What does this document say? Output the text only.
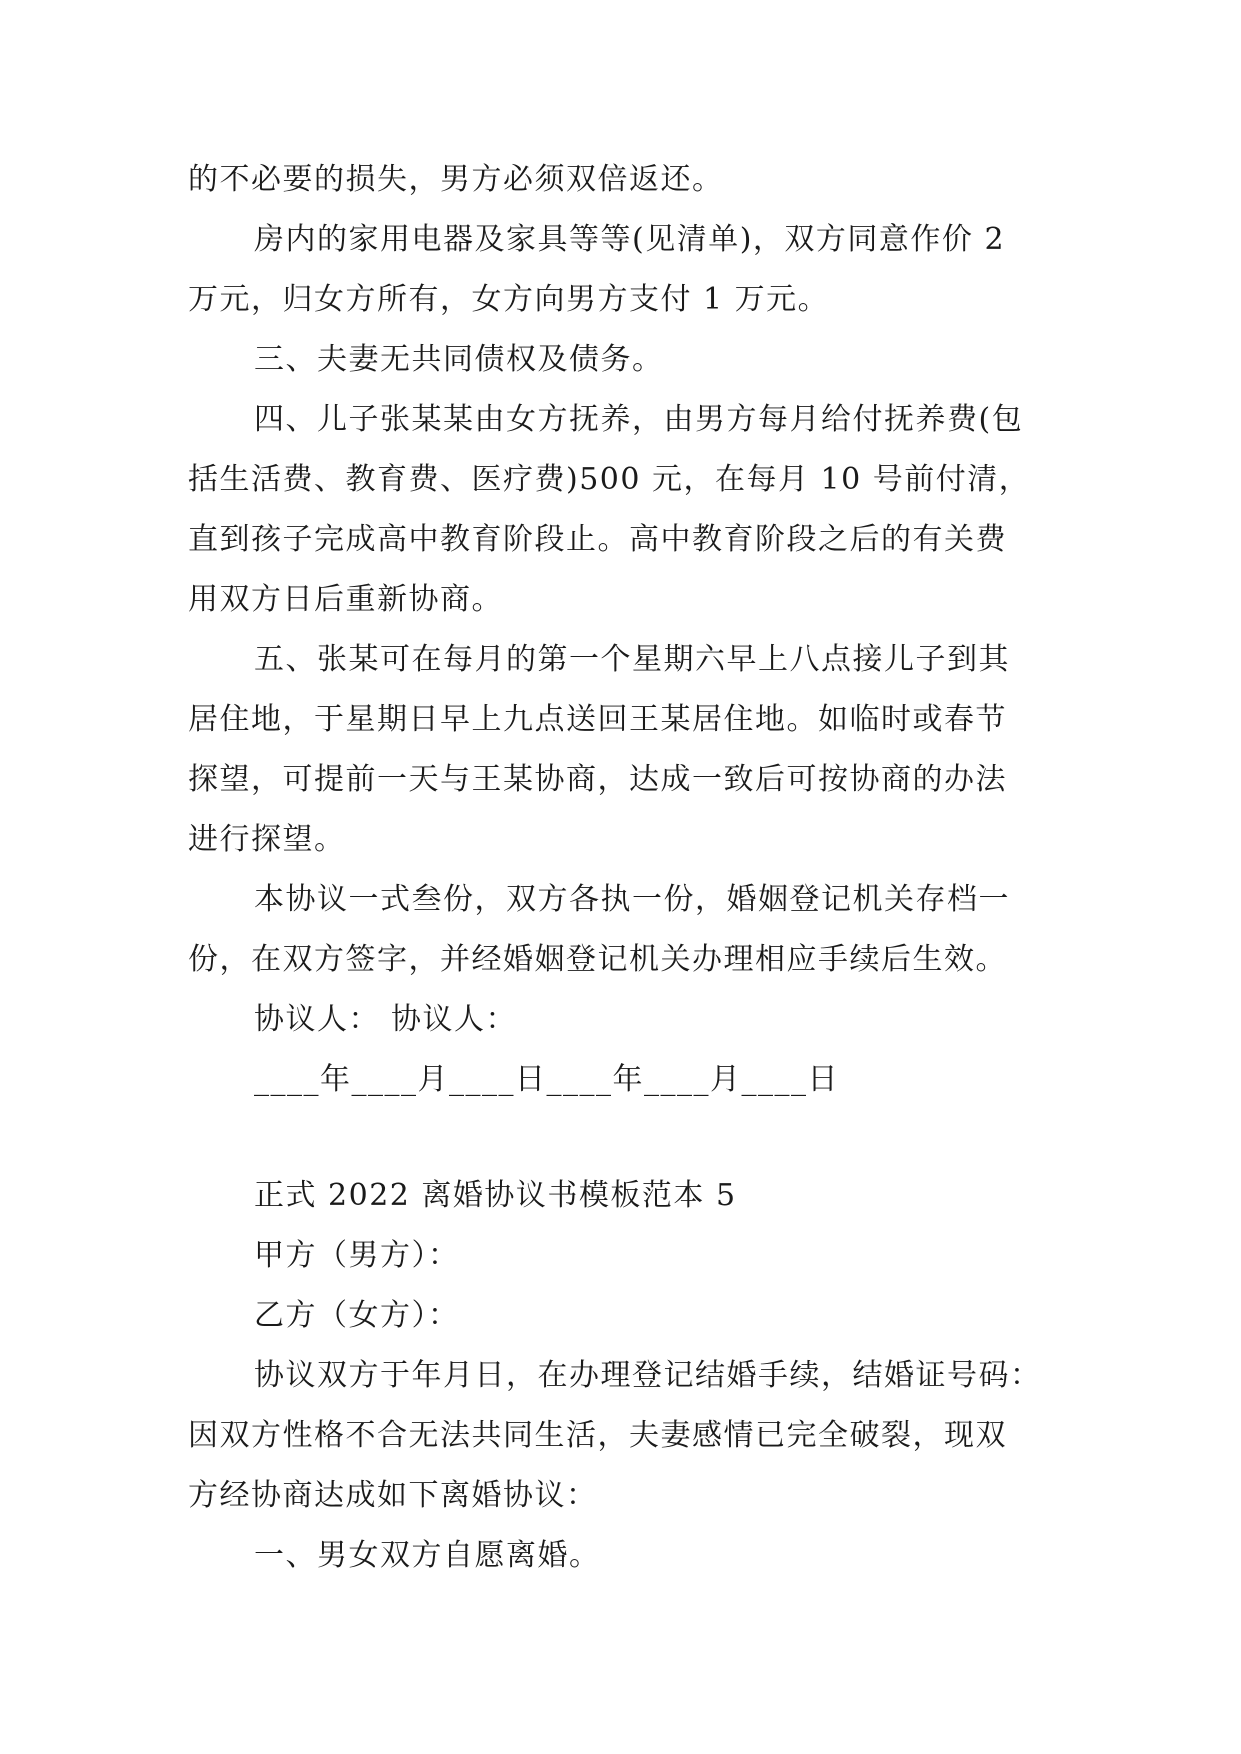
的不必要的损失，男方必须双倍返还。
房内的家用电器及家具等等(见清单)，双方同意作价 2
万元，归女方所有，女方向男方支付 1 万元。
三、夫妻无共同债权及债务。
四、儿子张某某由女方抚养，由男方每月给付抚养费(包
括生活费、教育费、医疗费)500 元，在每月 10 号前付清，
直到孩子完成高中教育阶段止。高中教育阶段之后的有关费
用双方日后重新协商。
五、张某可在每月的第一个星期六早上八点接儿子到其
居住地，于星期日早上九点送回王某居住地。如临时或春节
探望，可提前一天与王某协商，达成一致后可按协商的办法
进行探望。
本协议一式叁份，双方各执一份，婚姻登记机关存档一
份，在双方签字，并经婚姻登记机关办理相应手续后生效。
协议人： 协议人：
____年____月____日____年____月____日
正式 2022 离婚协议书模板范本 5
甲方（男方）：
乙方（女方）：
协议双方于年月日，在办理登记结婚手续，结婚证号码：
因双方性格不合无法共同生活，夫妻感情已完全破裂，现双
方经协商达成如下离婚协议：
一、男女双方自愿离婚。
